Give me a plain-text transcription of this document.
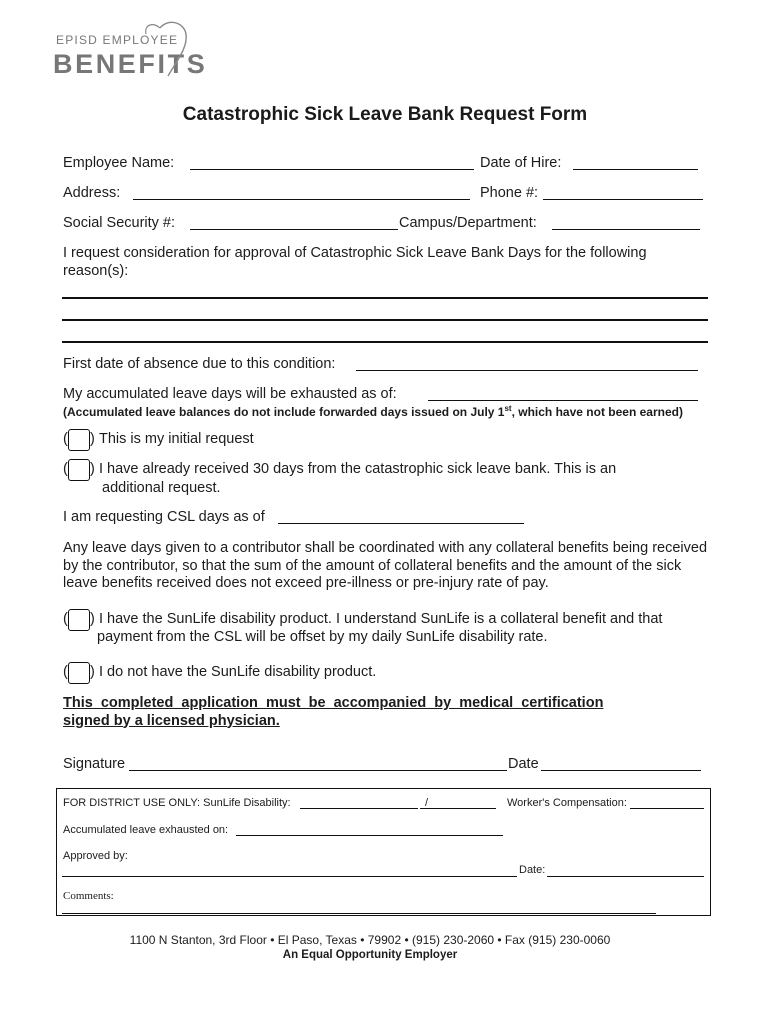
EPISD EMPLOYEE
BENEFITS
Catastrophic Sick Leave Bank Request Form
Employee Name:	Date of Hire:
Address:	Phone #:
Social Security #:	Campus/Department:
I request consideration for approval of Catastrophic Sick Leave Bank Days for the following reason(s):
First date of absence due to this condition:
My accumulated leave days will be exhausted as of:
(Accumulated leave balances do not include forwarded days issued on July 1st, which have not been earned)
( ) This is my initial request
( ) I have already received 30 days from the catastrophic sick leave bank. This is an
additional request.
I am requesting CSL days as of
Any leave days given to a contributor shall be coordinated with any collateral benefits being received by the contributor, so that the sum of the amount of collateral benefits and the amount of the sick leave benefits received does not exceed pre-illness or pre-injury rate of pay.
( ) I have the SunLife disability product. I understand SunLife is a collateral benefit and that
payment from the CSL will be offset by my daily SunLife disability rate.
( ) I do not have the SunLife disability product.
This completed application must be accompanied by medical certification
signed by a licensed physician.
Signature	Date
FOR DISTRICT USE ONLY: SunLife Disability:	/	Worker's Compensation:
Accumulated leave exhausted on:
Approved by:
Date:
Comments:
1100 N Stanton, 3rd Floor • El Paso, Texas • 79902 • (915) 230-2060 • Fax (915) 230-0060
An Equal Opportunity Employer
